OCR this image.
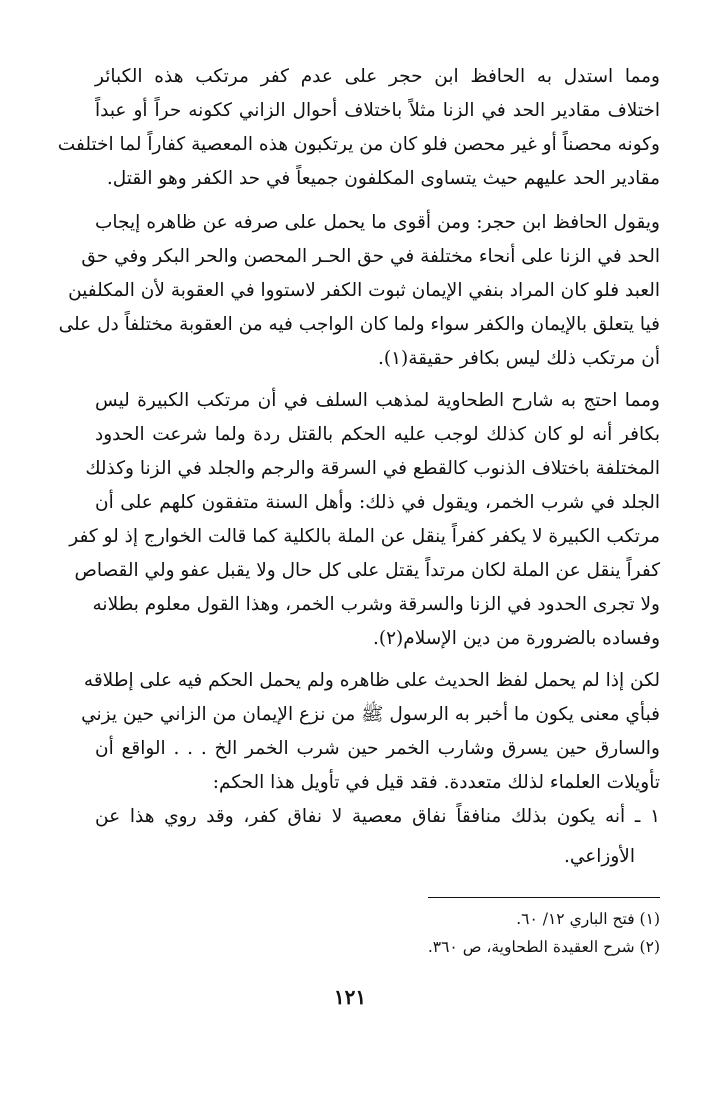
ومما استدل به الحافظ ابن حجر على عدم كفر مرتكب هذه الكبائر
اختلاف مقادير الحد في الزنا مثلاً باختلاف أحوال الزاني ككونه حراً أو عبداً
وكونه محصناً أو غير محصن فلو كان من يرتكبون هذه المعصية كفاراً لما اختلفت
مقادير الحد عليهم حيث يتساوى المكلفون جميعاً في حد الكفر وهو القتل.
ويقول الحافظ ابن حجر: ومن أقوى ما يحمل على صرفه عن ظاهره إيجاب
الحد في الزنا على أنحاء مختلفة في حق الحـر المحصن والحر البكر وفي حق
العبد فلو كان المراد بنفي الإيمان ثبوت الكفر لاستووا في العقوبة لأن المكلفين
فيا يتعلق بالإيمان والكفر سواء ولما كان الواجب فيه من العقوبة مختلفاً دل على
أن مرتكب ذلك ليس بكافر حقيقة(١).
ومما احتج به شارح الطحاوية لمذهب السلف في أن مرتكب الكبيرة ليس
بكافر أنه لو كان كذلك لوجب عليه الحكم بالقتل ردة ولما شرعت الحدود
المختلفة باختلاف الذنوب كالقطع في السرقة والرجم والجلد في الزنا وكذلك
الجلد في شرب الخمر، ويقول في ذلك: وأهل السنة متفقون كلهم على أن
مرتكب الكبيرة لا يكفر كفراً ينقل عن الملة بالكلية كما قالت الخوارج إذ لو كفر
كفراً ينقل عن الملة لكان مرتداً يقتل على كل حال ولا يقبل عفو ولي القصاص
ولا تجرى الحدود في الزنا والسرقة وشرب الخمر، وهذا القول معلوم بطلانه
وفساده بالضرورة من دين الإسلام(٢).
لكن إذا لم يحمل لفظ الحديث على ظاهره ولم يحمل الحكم فيه على إطلاقه
فبأي معنى يكون ما أخبر به الرسول ﷺ من نزع الإيمان من الزاني حين يزني
والسارق حين يسرق وشارب الخمر حين شرب الخمر الخ . . . الواقع أن
تأويلات العلماء لذلك متعددة. فقد قيل في تأويل هذا الحكم:
١ ـ أنه يكون بذلك منافقاً نفاق معصية لا نفاق كفر، وقد روي هذا عن
الأوزاعي.
(١) فتح الباري ١٢/ ٦٠.
(٢) شرح العقيدة الطحاوية، ص ٣٦٠.
١٢١
